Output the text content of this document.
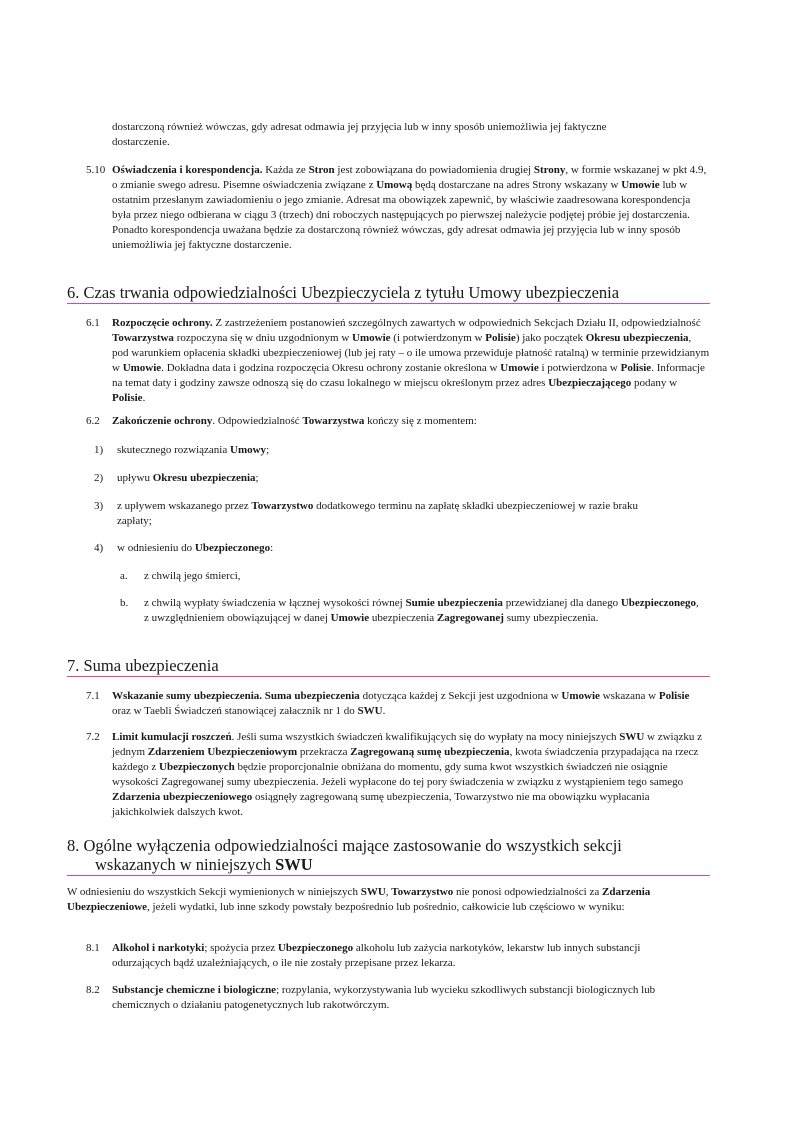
dostarczoną również wówczas, gdy adresat odmawia jej przyjęcia lub w inny sposób uniemożliwia jej faktyczne
dostarczenie.
5.10 Oświadczenia i korespondencja. Każda ze Stron jest zobowiązana do powiadomienia drugiej Strony, w formie wskazanej w pkt 4.9, o zmianie swego adresu. Pisemne oświadczenia związane z Umową będą dostarczane na adres Strony wskazany w Umowie lub w ostatnim przesłanym zawiadomieniu o jego zmianie. Adresat ma obowiązek zapewnić, by właściwie zaadresowana korespondencja była przez niego odbierana w ciągu 3 (trzech) dni roboczych następujących po pierwszej należycie podjętej próbie jej dostarczenia. Ponadto korespondencja uważana będzie za dostarczoną również wówczas, gdy adresat odmawia jej przyjęcia lub w inny sposób uniemożliwia jej faktyczne dostarczenie.
6. Czas trwania odpowiedzialności Ubezpieczyciela z tytułu Umowy ubezpieczenia
6.1 Rozpoczęcie ochrony. Z zastrzeżeniem postanowień szczególnych zawartych w odpowiednich Sekcjach Działu II, odpowiedzialność Towarzystwa rozpoczyna się w dniu uzgodnionym w Umowie (i potwierdzonym w Polisie) jako początek Okresu ubezpieczenia, pod warunkiem opłacenia składki ubezpieczeniowej (lub jej raty – o ile umowa przewiduje płatność ratalną) w terminie przewidzianym w Umowie. Dokładna data i godzina rozpoczęcia Okresu ochrony zostanie określona w Umowie i potwierdzona w Polisie. Informacje na temat daty i godziny zawsze odnoszą się do czasu lokalnego w miejscu określonym przez adres Ubezpieczającego podany w Polisie.
6.2 Zakończenie ochrony. Odpowiedzialność Towarzystwa kończy się z momentem:
1) skutecznego rozwiązania Umowy;
2) upływu Okresu ubezpieczenia;
3) z upływem wskazanego przez Towarzystwo dodatkowego terminu na zapłatę składki ubezpieczeniowej w razie braku zapłaty;
4) w odniesieniu do Ubezpieczonego:
a. z chwilą jego śmierci,
b. z chwilą wypłaty świadczenia w łącznej wysokości równej Sumie ubezpieczenia przewidzianej dla danego Ubezpieczonego, z uwzględnieniem obowiązującej w danej Umowie ubezpieczenia Zagregowanej sumy ubezpieczenia.
7. Suma ubezpieczenia
7.1 Wskazanie sumy ubezpieczenia. Suma ubezpieczenia dotycząca każdej z Sekcji jest uzgodniona w Umowie wskazana w Polisie oraz w Taebli Świadczeń stanowiącej załacznik nr 1 do SWU.
7.2 Limit kumulacji roszczeń. Jeśli suma wszystkich świadczeń kwalifikujących się do wypłaty na mocy niniejszych SWU w związku z jednym Zdarzeniem Ubezpieczeniowym przekracza Zagregowaną sumę ubezpieczenia, kwota świadczenia przypadająca na rzecz każdego z Ubezpieczonych będzie proporcjonalnie obniżana do momentu, gdy suma kwot wszystkich świadczeń nie osiągnie wysokości Zagregowanej sumy ubezpieczenia. Jeżeli wypłacone do tej pory świadczenia w związku z wystąpieniem tego samego Zdarzenia ubezpieczeniowego osiągnęły zagregowaną sumę ubezpieczenia, Towarzystwo nie ma obowiązku wypłacania jakichkolwiek dalszych kwot.
8. Ogólne wyłączenia odpowiedzialności mające zastosowanie do wszystkich sekcji
wskazanych w niniejszych SWU
W odniesieniu do wszystkich Sekcji wymienionych w niniejszych SWU, Towarzystwo nie ponosi odpowiedzialności za Zdarzenia Ubezpieczeniowe, jeżeli wydatki, lub inne szkody powstały bezpośrednio lub pośrednio, całkowicie lub częściowo w wyniku:
8.1 Alkohol i narkotyki; spożycia przez Ubezpieczonego alkoholu lub zażycia narkotyków, lekarstw lub innych substancji odurzających bądź uzależniających, o ile nie zostały przepisane przez lekarza.
8.2 Substancje chemiczne i biologiczne; rozpylania, wykorzystywania lub wycieku szkodliwych substancji biologicznych lub chemicznych o działaniu patogenetycznych lub rakotwórczym.
